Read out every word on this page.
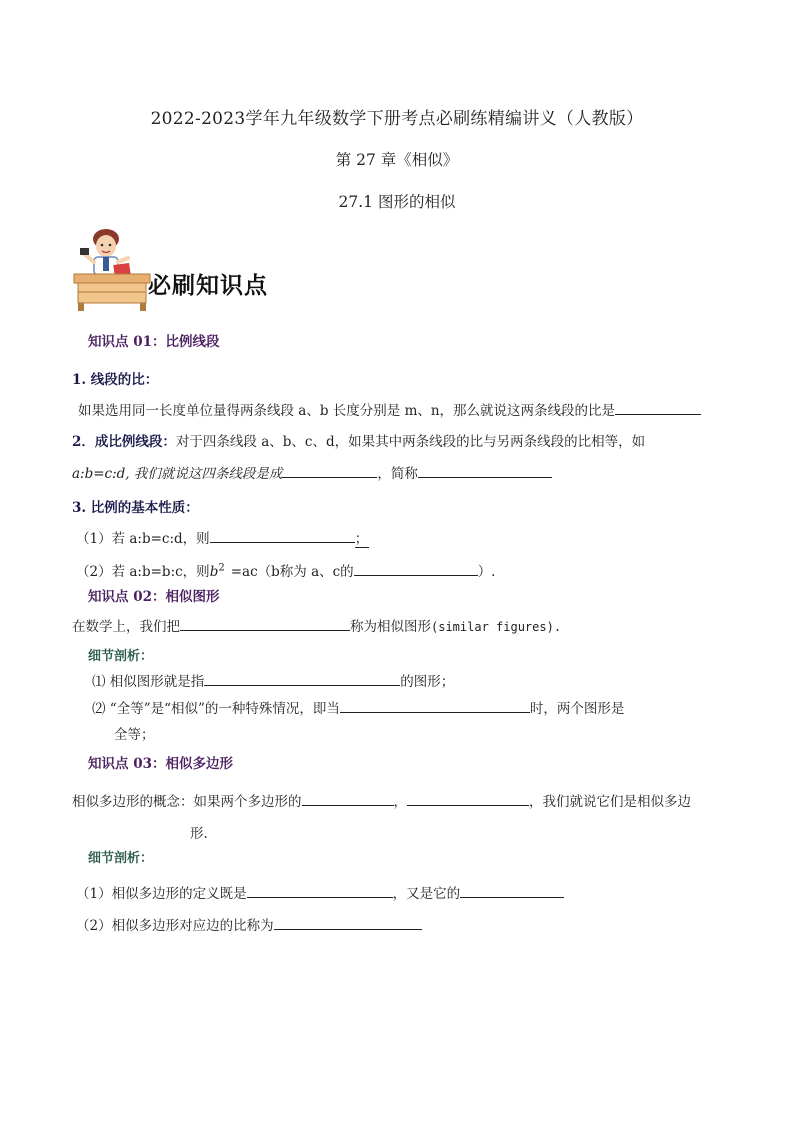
2022-2023学年九年级数学下册考点必刷练精编讲义（人教版）
第 27 章《相似》
27.1 图形的相似
必刷知识点
知识点 01：比例线段
1. 线段的比：
如果选用同一长度单位量得两条线段 a、b 长度分别是 m、n，那么就说这两条线段的比是
2．成比例线段：对于四条线段 a、b、c、d，如果其中两条线段的比与另两条线段的比相等，如
a:b=c:d, 我们就说这四条线段是成	，简称
3. 比例的基本性质：
（1）若 a:b=c:d，则	；
（2）若 a:b=b:c，则$b^2 =ac(b$称为 a、c的	）.
知识点 02：相似图形
在数学上，我们把	称为相似图形(similar figures).
细节剖析：
⑴ 相似图形就是指	的图形；
⑵ “全等”是“相似”的一种特殊情况，即当	时，两个图形是
全等；
知识点 03：相似多边形
相似多边形的概念：如果两个多边形的	，	，我们就说它们是相似多边
形.
细节剖析：
（1）相似多边形的定义既是	，又是它的
（2）相似多边形对应边的比称为
